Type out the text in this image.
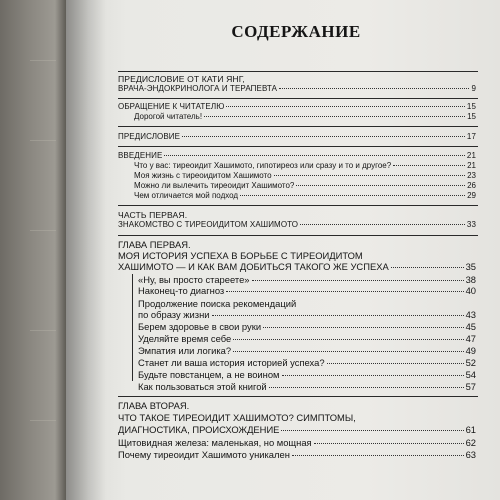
СОДЕРЖАНИЕ
ПРЕДИСЛОВИЕ ОТ КАТИ ЯНГ,
ВРАЧА-ЭНДОКРИНОЛОГА И ТЕРАПЕВТА	9
ОБРАЩЕНИЕ К ЧИТАТЕЛЮ	15
Дорогой читатель!	15
ПРЕДИСЛОВИЕ	17
ВВЕДЕНИЕ	21
Что у вас: тиреоидит Хашимото, гипотиреоз или сразу и то и другое?	21
Моя жизнь с тиреоидитом Хашимото	23
Можно ли вылечить тиреоидит Хашимото?	26
Чем отличается мой подход	29
ЧАСТЬ ПЕРВАЯ.
ЗНАКОМСТВО С ТИРЕОИДИТОМ ХАШИМОТО	33
ГЛАВА ПЕРВАЯ.
МОЯ ИСТОРИЯ УСПЕХА В БОРЬБЕ С ТИРЕОИДИТОМ
ХАШИМОТО — И КАК ВАМ ДОБИТЬСЯ ТАКОГО ЖЕ УСПЕХА	35
«Ну, вы просто стареете»	38
Наконец-то диагноз	40
Продолжение поиска рекомендаций
по образу жизни	43
Берем здоровье в свои руки	45
Уделяйте время себе	47
Эмпатия или логика?	49
Станет ли ваша история историей успеха?	52
Будьте повстанцем, а не воином	54
Как пользоваться этой книгой	57
ГЛАВА ВТОРАЯ.
ЧТО ТАКОЕ ТИРЕОИДИТ ХАШИМОТО? СИМПТОМЫ,
ДИАГНОСТИКА, ПРОИСХОЖДЕНИЕ	61
Щитовидная железа: маленькая, но мощная	62
Почему тиреоидит Хашимото уникален	63
